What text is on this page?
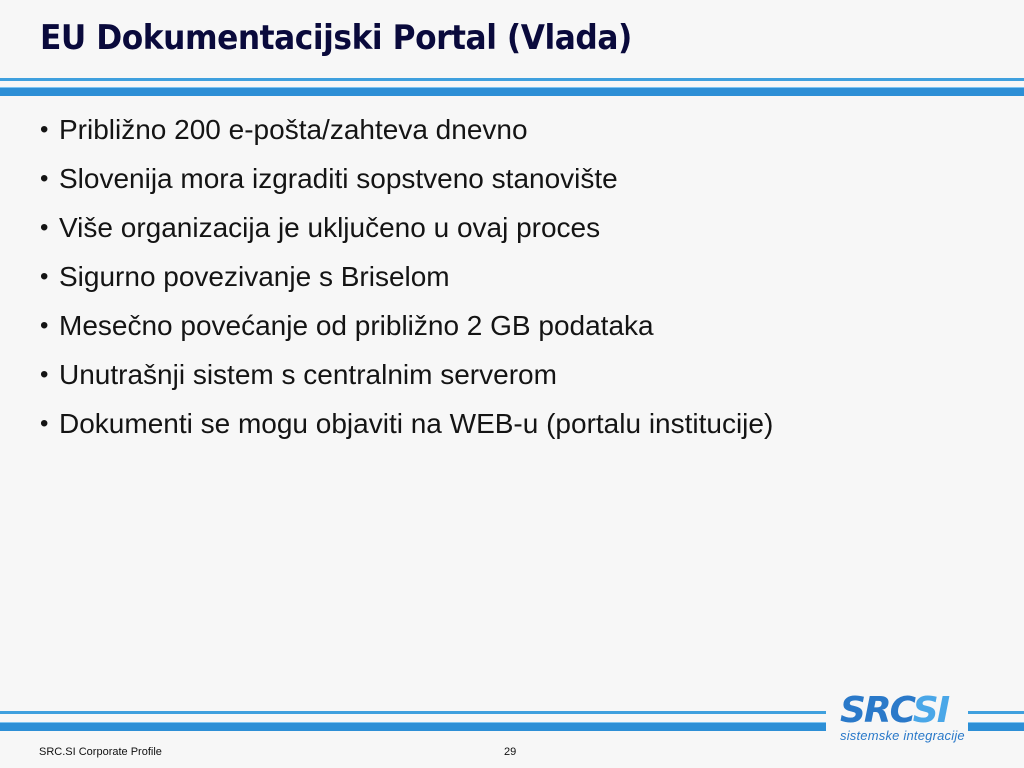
EU Dokumentacijski Portal (Vlada)
• Približno 200 e-pošta/zahteva dnevno
• Slovenija mora izgraditi sopstveno stanovište
• Više organizacija je uključeno u ovaj proces
• Sigurno povezivanje s Briselom
• Mesečno povećanje od približno 2 GB podataka
• Unutrašnji sistem s centralnim serverom
• Dokumenti se mogu objaviti na WEB-u (portalu institucije)
SRCSI
sistemske integracije
SRC.SI Corporate Profile	29
